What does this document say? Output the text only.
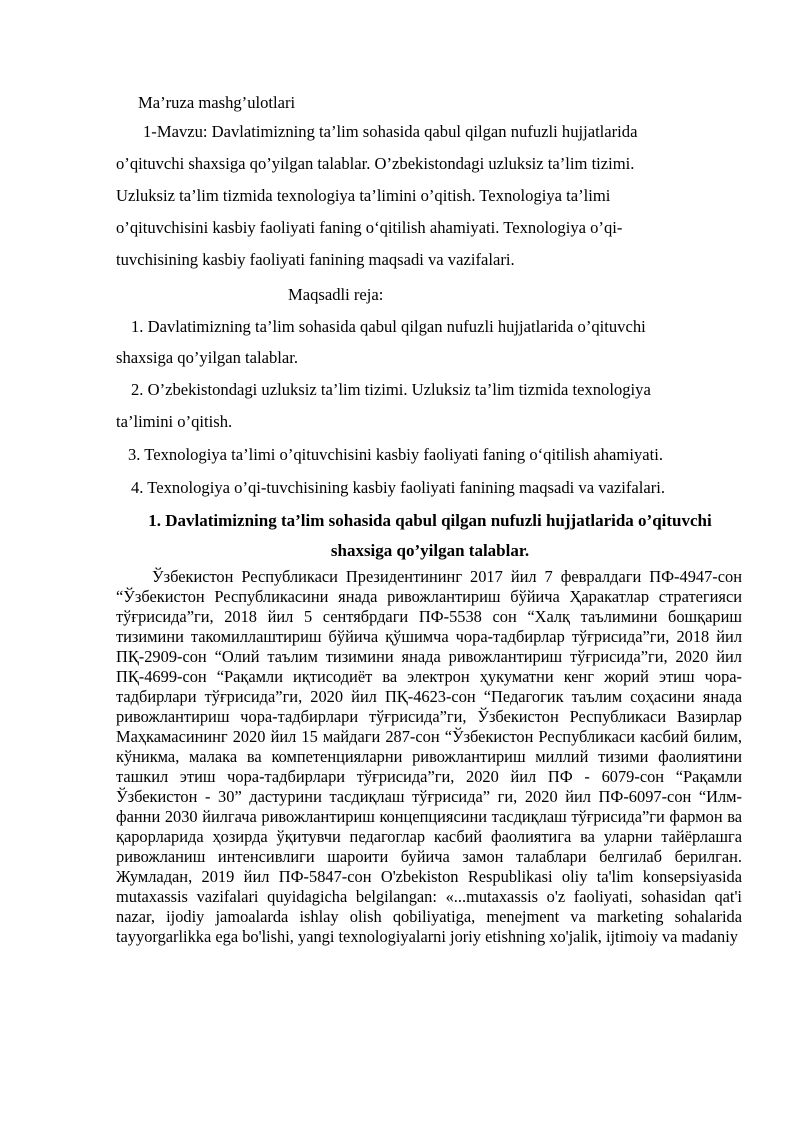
Ma’ruza mashg’ulotlari
1-Mavzu: Davlatimizning ta’lim sohasida qabul qilgan nufuzli hujjatlarida
o’qituvchi shaxsiga qo’yilgan talablar. O’zbekistondagi uzluksiz ta’lim tizimi.
Uzluksiz ta’lim tizmida texnologiya ta’limini o’qitish. Texnologiya ta’limi
o’qituvchisini kasbiy faoliyati faning o‘qitilish ahamiyati. Texnologiya o’qi-
tuvchisining kasbiy faoliyati fanining maqsadi va vazifalari.
Maqsadli reja:
1. Davlatimizning ta’lim sohasida qabul qilgan nufuzli hujjatlarida o’qituvchi
shaxsiga qo’yilgan talablar.
2. O’zbekistondagi uzluksiz ta’lim tizimi. Uzluksiz ta’lim tizmida texnologiya
ta’limini o’qitish.
3. Texnologiya ta’limi o’qituvchisini kasbiy faoliyati faning o‘qitilish ahamiyati.
4. Texnologiya o’qi-tuvchisining kasbiy faoliyati fanining maqsadi va vazifalari.
1. Davlatimizning ta’lim sohasida qabul qilgan nufuzli hujjatlarida o’qituvchi
shaxsiga qo’yilgan talablar.
Ўзбекистон Республикаси Президентининг 2017 йил 7 февралдаги ПФ-4947-сон “Ўзбекистон Республикасини янада ривожлантириш бўйича Ҳаракатлар стратегияси тўғрисида”ги, 2018 йил 5 сентябрдаги ПФ-5538 сон “Халқ таълимини бошқариш тизимини такомиллаштириш бўйича қўшимча чора-тадбирлар тўғрисида”ги, 2018 йил ПҚ-2909-сон “Олий таълим тизимини янада ривожлантириш тўғрисида”ги, 2020 йил ПҚ-4699-сон “Рақамли иқтисодиёт ва электрон ҳукуматни кенг жорий этиш чора-тадбирлари тўғрисида”ги, 2020 йил ПҚ-4623-сон “Педагогик таълим соҳасини янада ривожлантириш чора-тадбирлари тўғрисида”ги, Ўзбекистон Республикаси Вазирлар Маҳкамасининг 2020 йил 15 майдаги 287-сон “Ўзбекистон Республикаси касбий билим, кўникма, малака ва компетенцияларни ривожлантириш миллий тизими фаолиятини ташкил этиш чора-тадбирлари тўғрисида”ги, 2020 йил ПФ - 6079-сон “Рақамли Ўзбекистон - 30” дастурини тасдиқлаш тўғрисида” ги, 2020 йил ПФ-6097-сон “Илм-фанни 2030 йилгача ривожлантириш концепциясини тасдиқлаш тўғрисида”ги фармон ва қарорларида ҳозирда ўқитувчи педагоглар касбий фаолиятига ва уларни тайёрлашга ривожланиш интенсивлиги шароити буйича замон талаблари белгилаб берилган. Жумладан, 2019 йил ПФ-5847-сон O'zbekiston Respublikasi oliy ta'lim konsepsiyasida mutaxassis vazifalari quyidagicha belgilangan: «...mutaxassis o'z faoliyati, sohasidan qat'i nazar, ijodiy jamoalarda ishlay olish qobiliyatiga, menejment va marketing sohalarida tayyorgarlikka ega bo'lishi, yangi texnologiyalarni joriy etishning xo'jalik, ijtimoiy va madaniy
